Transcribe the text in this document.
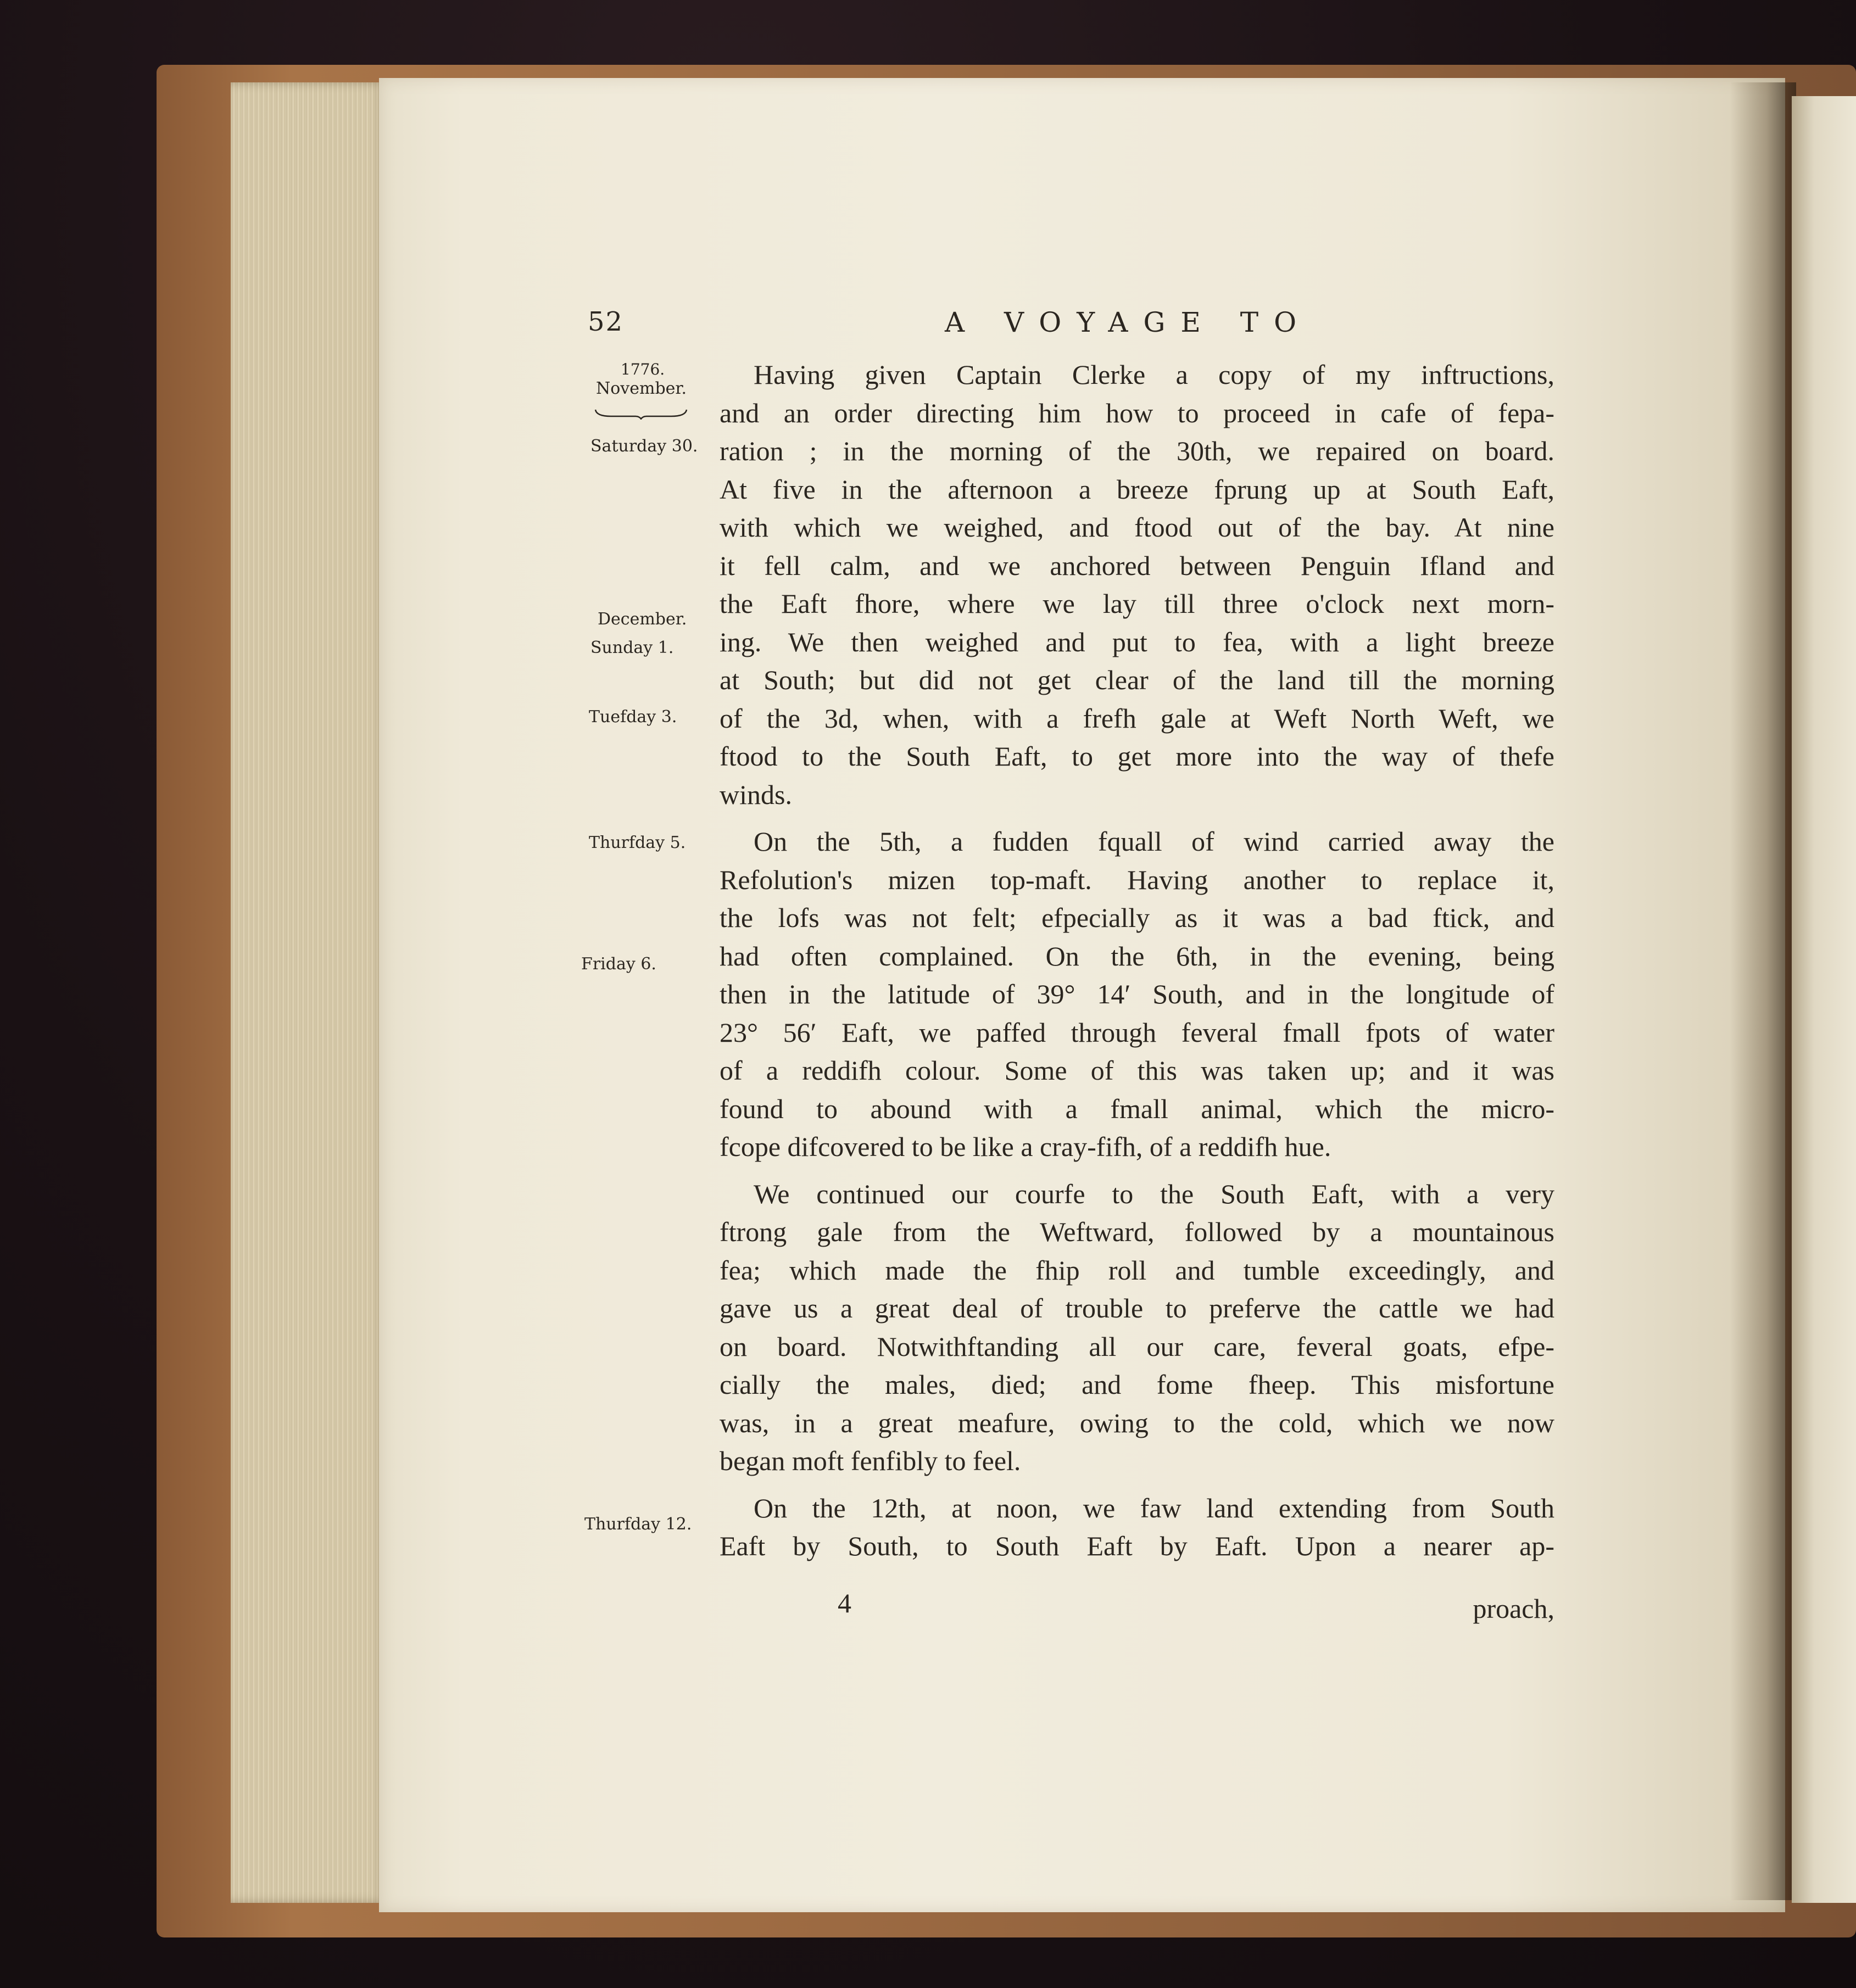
52	A VOYAGE TO
1776.
November.
Saturday 30.
December.
Sunday 1.
Tuefday 3.
Thurfday 5.
Friday 6.
Thurfday 12.
Having given Captain Clerke a copy of my inftructions,
and an order directing him how to proceed in cafe of fepa-
ration ; in the morning of the 30th, we repaired on board.
At five in the afternoon a breeze fprung up at South Eaft,
with which we weighed, and ftood out of the bay. At nine
it fell calm, and we anchored between Penguin Ifland and
the Eaft fhore, where we lay till three o'clock next morn-
ing. We then weighed and put to fea, with a light breeze
at South; but did not get clear of the land till the morning
of the 3d, when, with a frefh gale at Weft North Weft, we
ftood to the South Eaft, to get more into the way of thefe
winds.
On the 5th, a fudden fquall of wind carried away the
Refolution's mizen top-maft. Having another to replace it,
the lofs was not felt; efpecially as it was a bad ftick, and
had often complained. On the 6th, in the evening, being
then in the latitude of 39° 14′ South, and in the longitude of
23° 56′ Eaft, we paffed through feveral fmall fpots of water
of a reddifh colour. Some of this was taken up; and it was
found to abound with a fmall animal, which the micro-
fcope difcovered to be like a cray-fifh, of a reddifh hue.
We continued our courfe to the South Eaft, with a very
ftrong gale from the Weftward, followed by a mountainous
fea; which made the fhip roll and tumble exceedingly, and
gave us a great deal of trouble to preferve the cattle we had
on board. Notwithftanding all our care, feveral goats, efpe-
cially the males, died; and fome fheep. This misfortune
was, in a great meafure, owing to the cold, which we now
began moft fenfibly to feel.
On the 12th, at noon, we faw land extending from South
Eaft by South, to South Eaft by Eaft. Upon a nearer ap-
4	proach,
